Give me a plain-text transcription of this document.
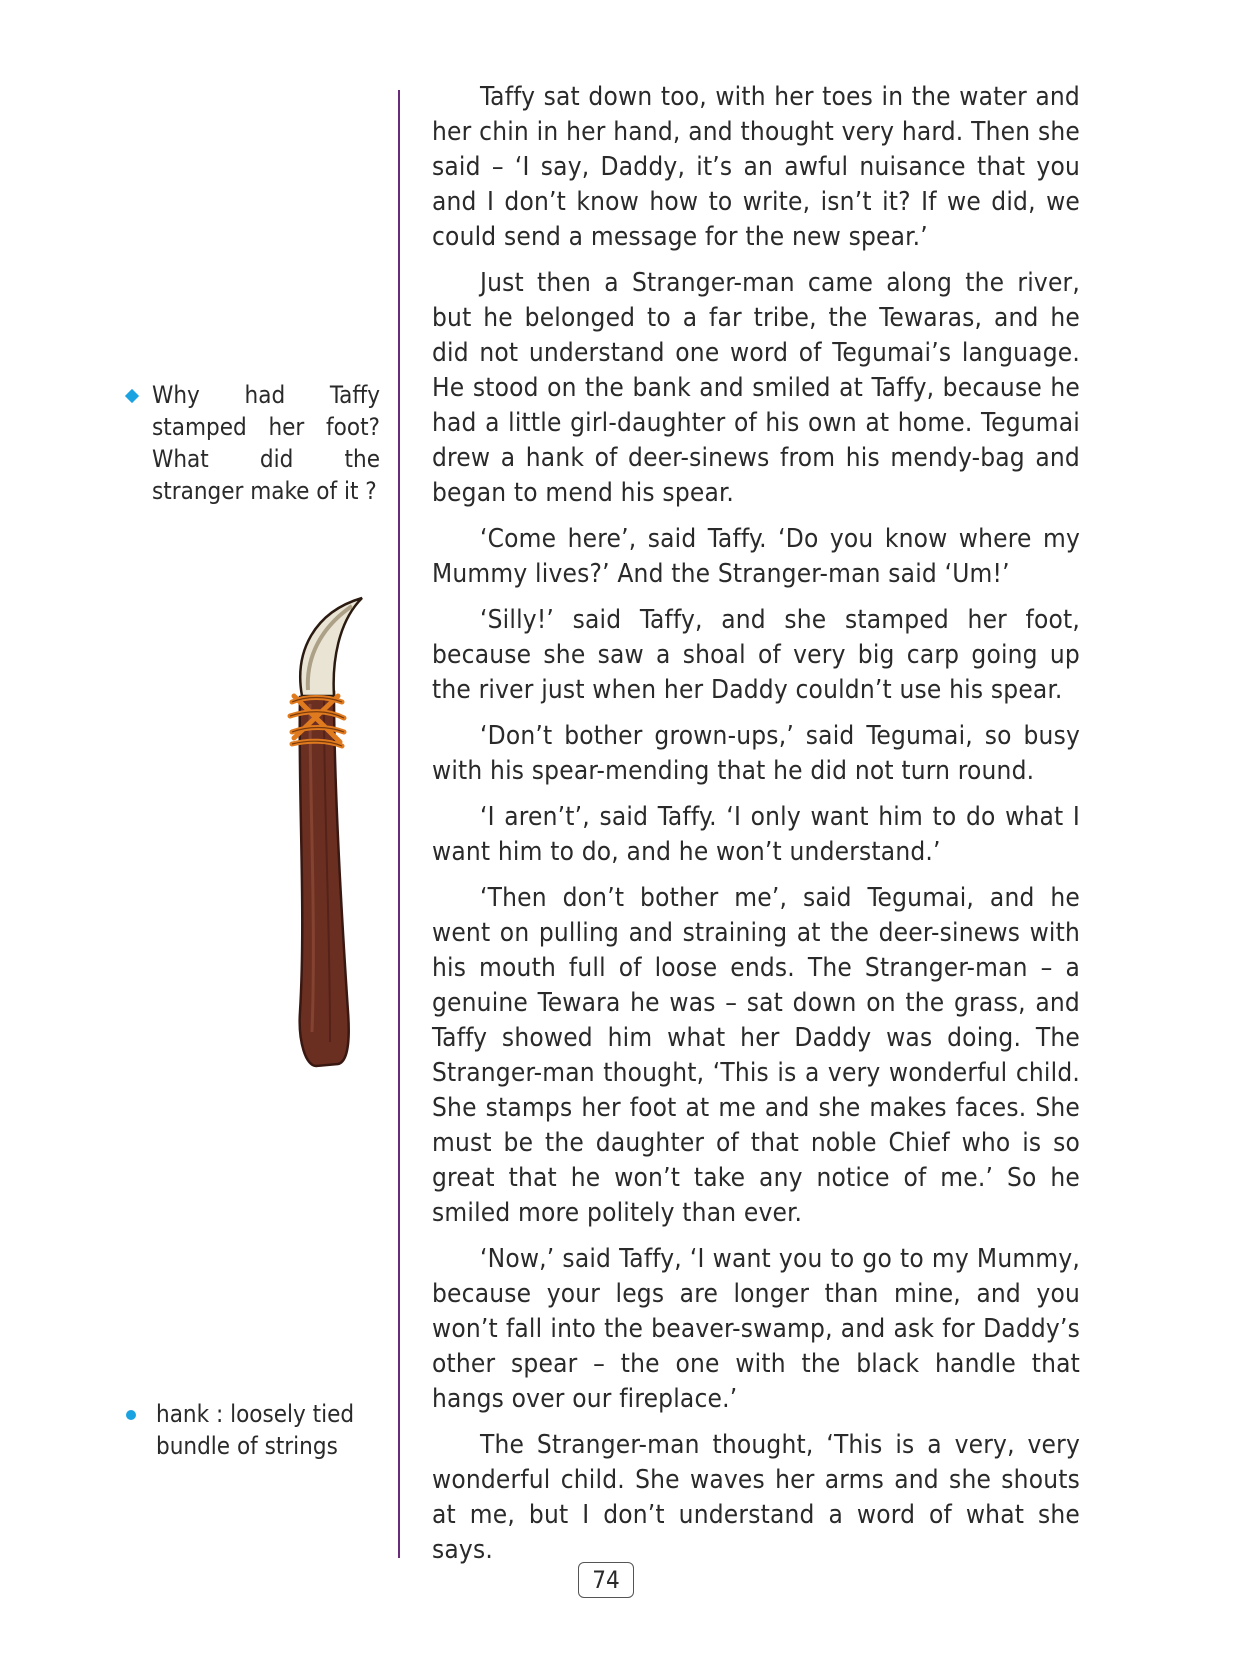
Why had Taffy stamped her foot? What did the stranger make of it ?
hank : loosely tied bundle of strings

Taffy sat down too, with her toes in the water and her chin in her hand, and thought very hard. Then she said – ‘I say, Daddy, it’s an awful nuisance that you and I don’t know how to write, isn’t it? If we did, we could send a message for the new spear.’

Just then a Stranger-man came along the river, but he belonged to a far tribe, the Tewaras, and he did not understand one word of Tegumai’s language. He stood on the bank and smiled at Taffy, because he had a little girl-daughter of his own at home. Tegumai drew a hank of deer-sinews from his mendy-bag and began to mend his spear.

‘Come here’, said Taffy. ‘Do you know where my Mummy lives?’ And the Stranger-man said ‘Um!’

‘Silly!’ said Taffy, and she stamped her foot, because she saw a shoal of very big carp going up the river just when her Daddy couldn’t use his spear.

‘Don’t bother grown-ups,’ said Tegumai, so busy with his spear-mending that he did not turn round.

‘I aren’t’, said Taffy. ‘I only want him to do what I want him to do, and he won’t understand.’

‘Then don’t bother me’, said Tegumai, and he went on pulling and straining at the deer-sinews with his mouth full of loose ends. The Stranger-man – a genuine Tewara he was – sat down on the grass, and Taffy showed him what her Daddy was doing. The Stranger-man thought, ‘This is a very wonderful child. She stamps her foot at me and she makes faces. She must be the daughter of that noble Chief who is so great that he won’t take any notice of me.’ So he smiled more politely than ever.

‘Now,’ said Taffy, ‘I want you to go to my Mummy, because your legs are longer than mine, and you won’t fall into the beaver-swamp, and ask for Daddy’s other spear – the one with the black handle that hangs over our fireplace.’

The Stranger-man thought, ‘This is a very, very wonderful child. She waves her arms and she shouts at me, but I don’t understand a word of what she says.

74
